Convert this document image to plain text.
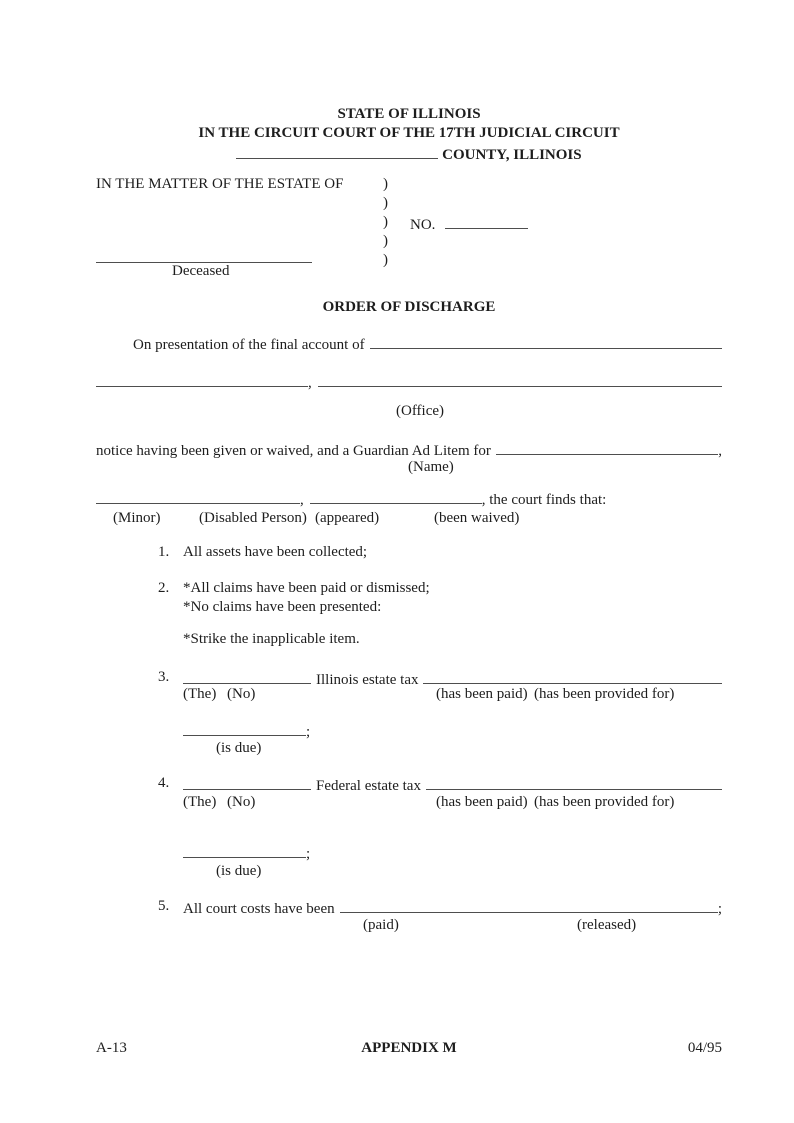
STATE OF ILLINOIS
IN THE CIRCUIT COURT OF THE 17TH JUDICIAL CIRCUIT
COUNTY, ILLINOIS
IN THE MATTER OF THE ESTATE OF	)
)
)
)
)
NO.
Deceased
ORDER OF DISCHARGE
On presentation of the final account of
,
(Office)
notice having been given or waived, and a Guardian Ad Litem for	,
(Name)
,	, the court finds that:
(Minor)	(Disabled Person) (appeared)	(been waived)
1. All assets have been collected;
2. *All claims have been paid or dismissed;
*No claims have been presented:
*Strike the inapplicable item.
3.	Illinois estate tax
(The) (No)	(has been paid) (has been provided for)
;
(is due)
4.	Federal estate tax
(The) (No)	(has been paid) (has been provided for)
;
(is due)
5. All court costs have been	;
(paid)	(released)
A-13	APPENDIX M	04/95
